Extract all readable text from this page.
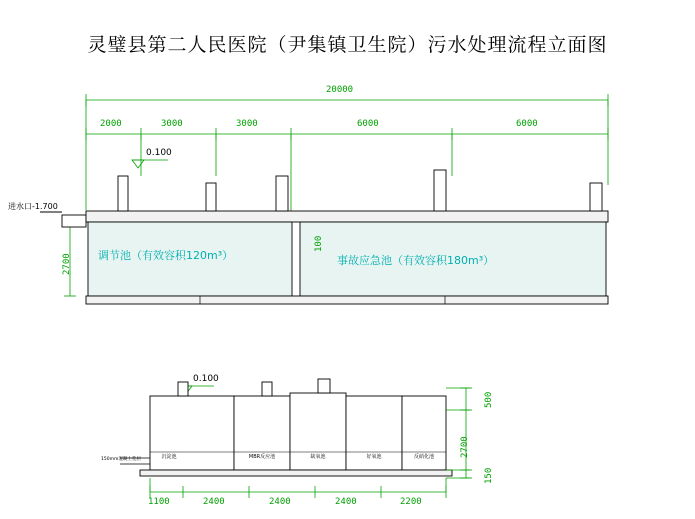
灵璧县第二人民医院（尹集镇卫生院）污水处理流程立面图
20000
2000	3000	3000	6000	6000
0.100
进水口-1.700
2700
100
调节池（有效容积120m³）	事故应急池（有效容积180m³）
0.100
150mm混凝土垫层	沉淀池	MBR反应池	缺氧池	好氧池	反硝化池
500
2700
150
1100	2400	2400	2400	2200
